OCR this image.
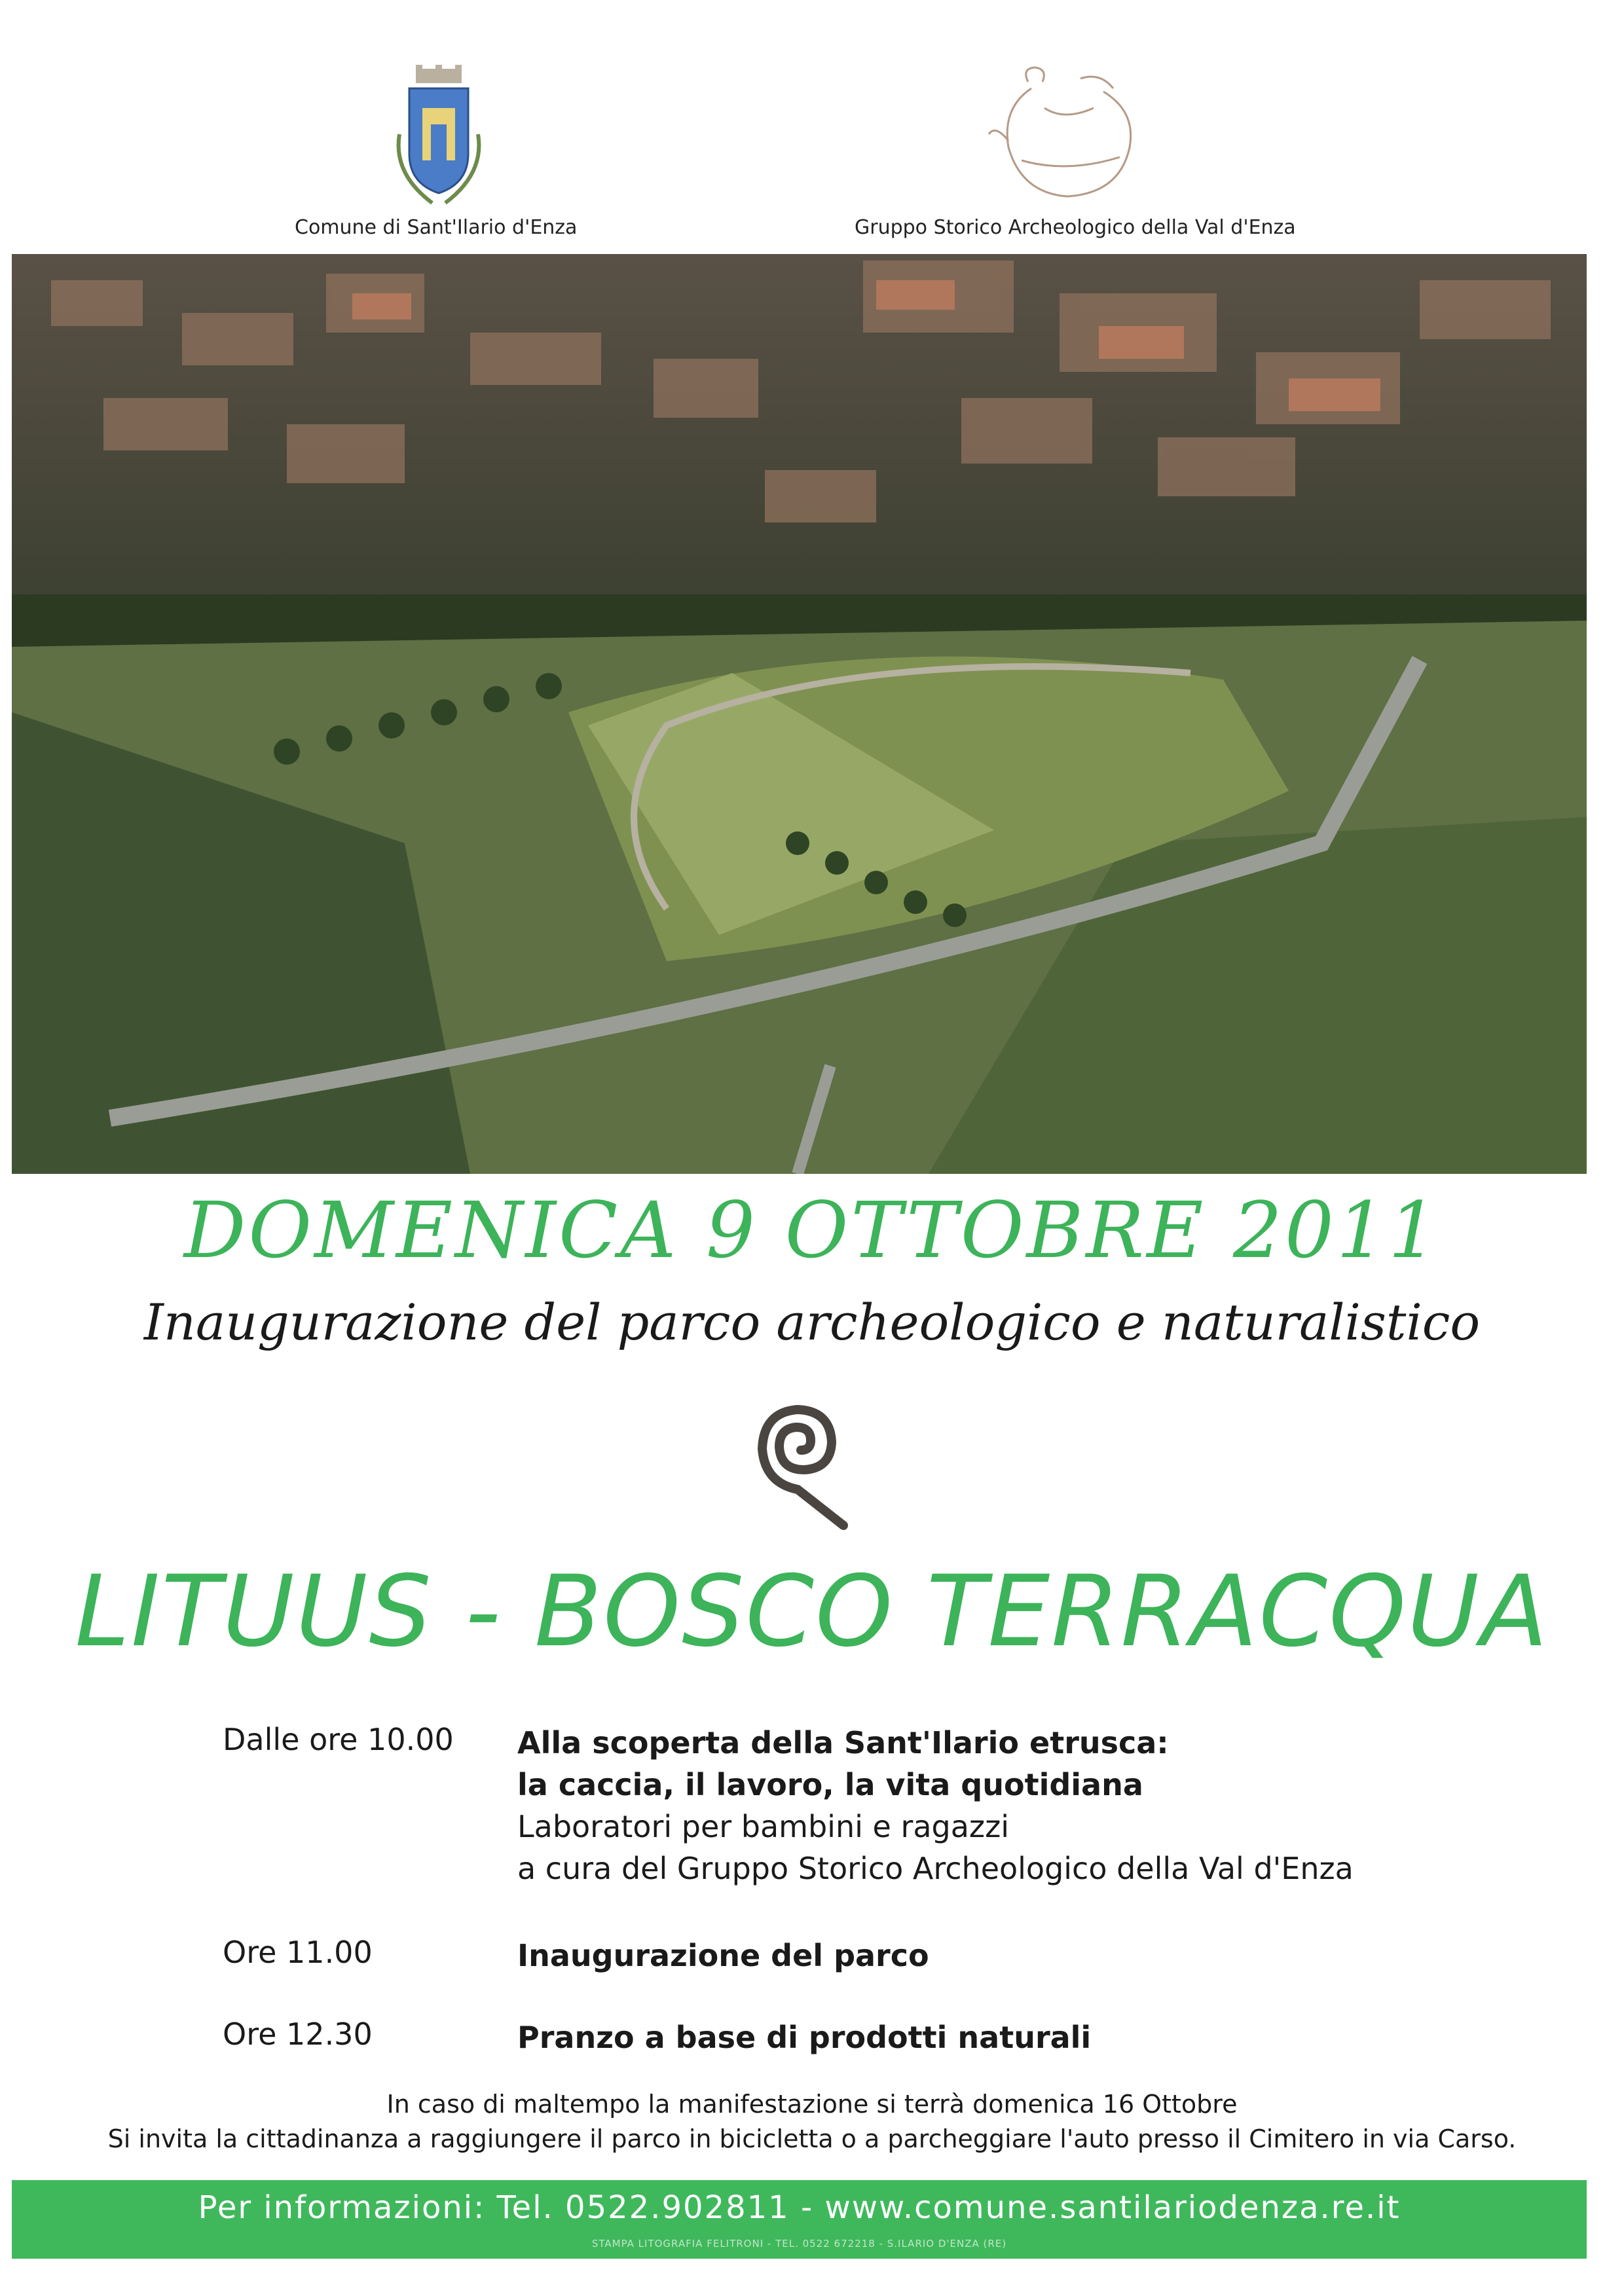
Comune di Sant'Ilario d'Enza	Gruppo Storico Archeologico della Val d'Enza
DOMENICA 9 OTTOBRE 2011
Inaugurazione del parco archeologico e naturalistico
LITUUS - BOSCO TERRACQUA
Dalle ore 10.00	Alla scoperta della Sant'Ilario etrusca:
la caccia, il lavoro, la vita quotidiana
Laboratori per bambini e ragazzi
a cura del Gruppo Storico Archeologico della Val d'Enza
Ore 11.00	Inaugurazione del parco
Ore 12.30	Pranzo a base di prodotti naturali
In caso di maltempo la manifestazione si terrà domenica 16 Ottobre
Si invita la cittadinanza a raggiungere il parco in bicicletta o a parcheggiare l'auto presso il Cimitero in via Carso.
Per informazioni: Tel. 0522.902811 - www.comune.santilariodenza.re.it
STAMPA LITOGRAFIA FELITRONI - TEL. 0522 672218 - S.ILARIO D'ENZA (RE)
